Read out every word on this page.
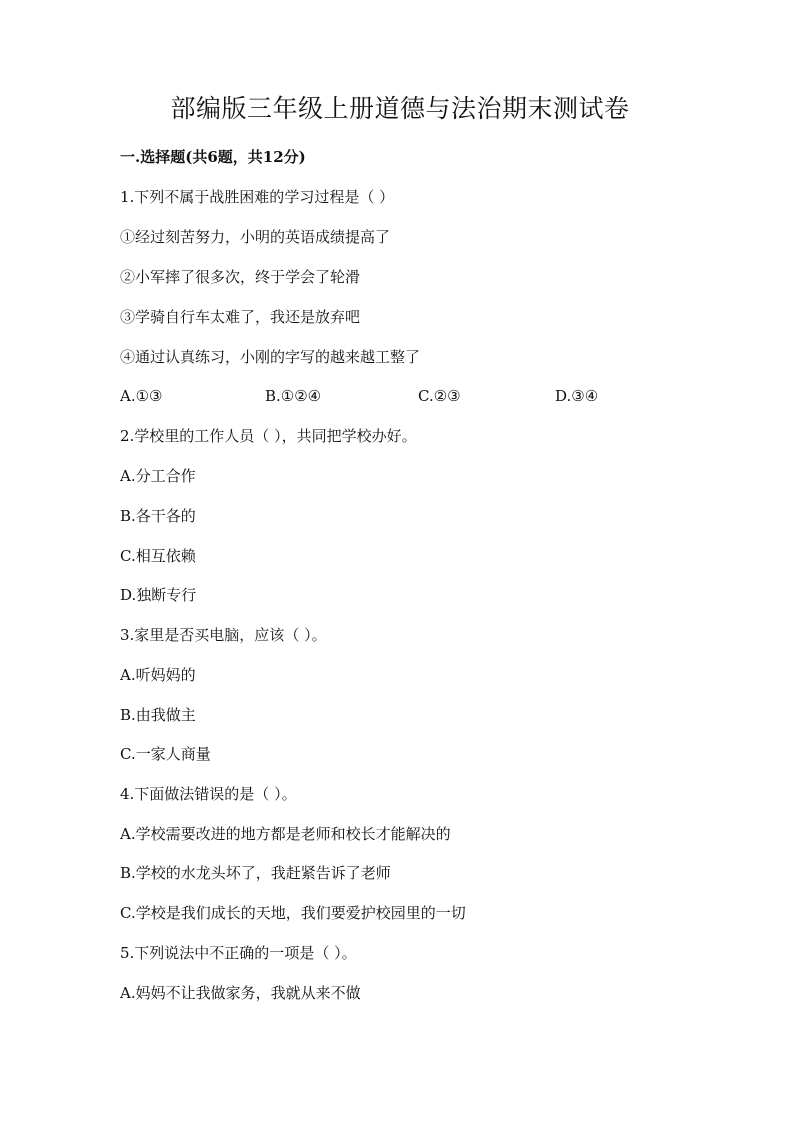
部编版三年级上册道德与法治期末测试卷
一.选择题(共6题，共12分)
1.下列不属于战胜困难的学习过程是（ ）
①经过刻苦努力，小明的英语成绩提高了
②小军摔了很多次，终于学会了轮滑
③学骑自行车太难了，我还是放弃吧
④通过认真练习，小刚的字写的越来越工整了
A.①③	B.①②④	C.②③	D.③④
2.学校里的工作人员（ ），共同把学校办好。
A.分工合作
B.各干各的
C.相互依赖
D.独断专行
3.家里是否买电脑，应该（ ）。
A.听妈妈的
B.由我做主
C.一家人商量
4.下面做法错误的是（ ）。
A.学校需要改进的地方都是老师和校长才能解决的
B.学校的水龙头坏了，我赶紧告诉了老师
C.学校是我们成长的天地，我们要爱护校园里的一切
5.下列说法中不正确的一项是（ ）。
A.妈妈不让我做家务，我就从来不做
